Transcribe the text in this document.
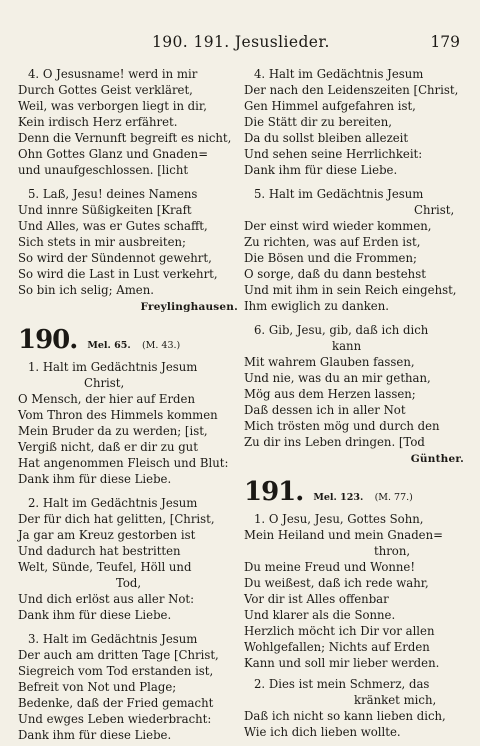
190. 191. Jesuslieder.	179

4. O Jesusname! werd in mir

Durch Gottes Geist verkläret,

Weil, was verborgen liegt in dir,

Kein irdisch Herz erfähret.

Denn die Vernunft begreift es nicht,

Ohn Gottes Glanz und Gnaden=

und unaufgeschlossen. [licht

5. Laß, Jesu! deines Namens

Und innre Süßigkeiten [Kraft

Und Alles, was er Gutes schafft,

Sich stets in mir ausbreiten;

So wird der Sündennot gewehrt,

So wird die Last in Lust verkehrt,

So bin ich selig; Amen.

Freylinghausen.
190. Mel. 65. (M. 43.)

1. Halt im Gedächtnis Jesum

Christ,

O Mensch, der hier auf Erden

Vom Thron des Himmels kommen

Mein Bruder da zu werden; [ist,

Vergiß nicht, daß er dir zu gut

Hat angenommen Fleisch und Blut:

Dank ihm für diese Liebe.

2. Halt im Gedächtnis Jesum

Der für dich hat gelitten, [Christ,

Ja gar am Kreuz gestorben ist

Und dadurch hat bestritten

Welt, Sünde, Teufel, Höll und

Tod,

Und dich erlöst aus aller Not:

Dank ihm für diese Liebe.

3. Halt im Gedächtnis Jesum

Der auch am dritten Tage [Christ,

Siegreich vom Tod erstanden ist,

Befreit von Not und Plage;

Bedenke, daß der Fried gemacht

Und ewges Leben wiederbracht:

Dank ihm für diese Liebe.

4. Halt im Gedächtnis Jesum

Der nach den Leidenszeiten [Christ,

Gen Himmel aufgefahren ist,

Die Stätt dir zu bereiten,

Da du sollst bleiben allezeit

Und sehen seine Herrlichkeit:

Dank ihm für diese Liebe.

5. Halt im Gedächtnis Jesum

Christ,

Der einst wird wieder kommen,

Zu richten, was auf Erden ist,

Die Bösen und die Frommen;

O sorge, daß du dann bestehst

Und mit ihm in sein Reich eingehst,

Ihm ewiglich zu danken.

6. Gib, Jesu, gib, daß ich dich

kann

Mit wahrem Glauben fassen,

Und nie, was du an mir gethan,

Mög aus dem Herzen lassen;

Daß dessen ich in aller Not

Mich trösten mög und durch den

Zu dir ins Leben dringen. [Tod

Günther.
191. Mel. 123. (M. 77.)

1. O Jesu, Jesu, Gottes Sohn,

Mein Heiland und mein Gnaden=

thron,

Du meine Freud und Wonne!

Du weißest, daß ich rede wahr,

Vor dir ist Alles offenbar

Und klarer als die Sonne.

Herzlich möcht ich Dir vor allen

Wohlgefallen; Nichts auf Erden

Kann und soll mir lieber werden.

2. Dies ist mein Schmerz, das

kränket mich,

Daß ich nicht so kann lieben dich,

Wie ich dich lieben wollte.
